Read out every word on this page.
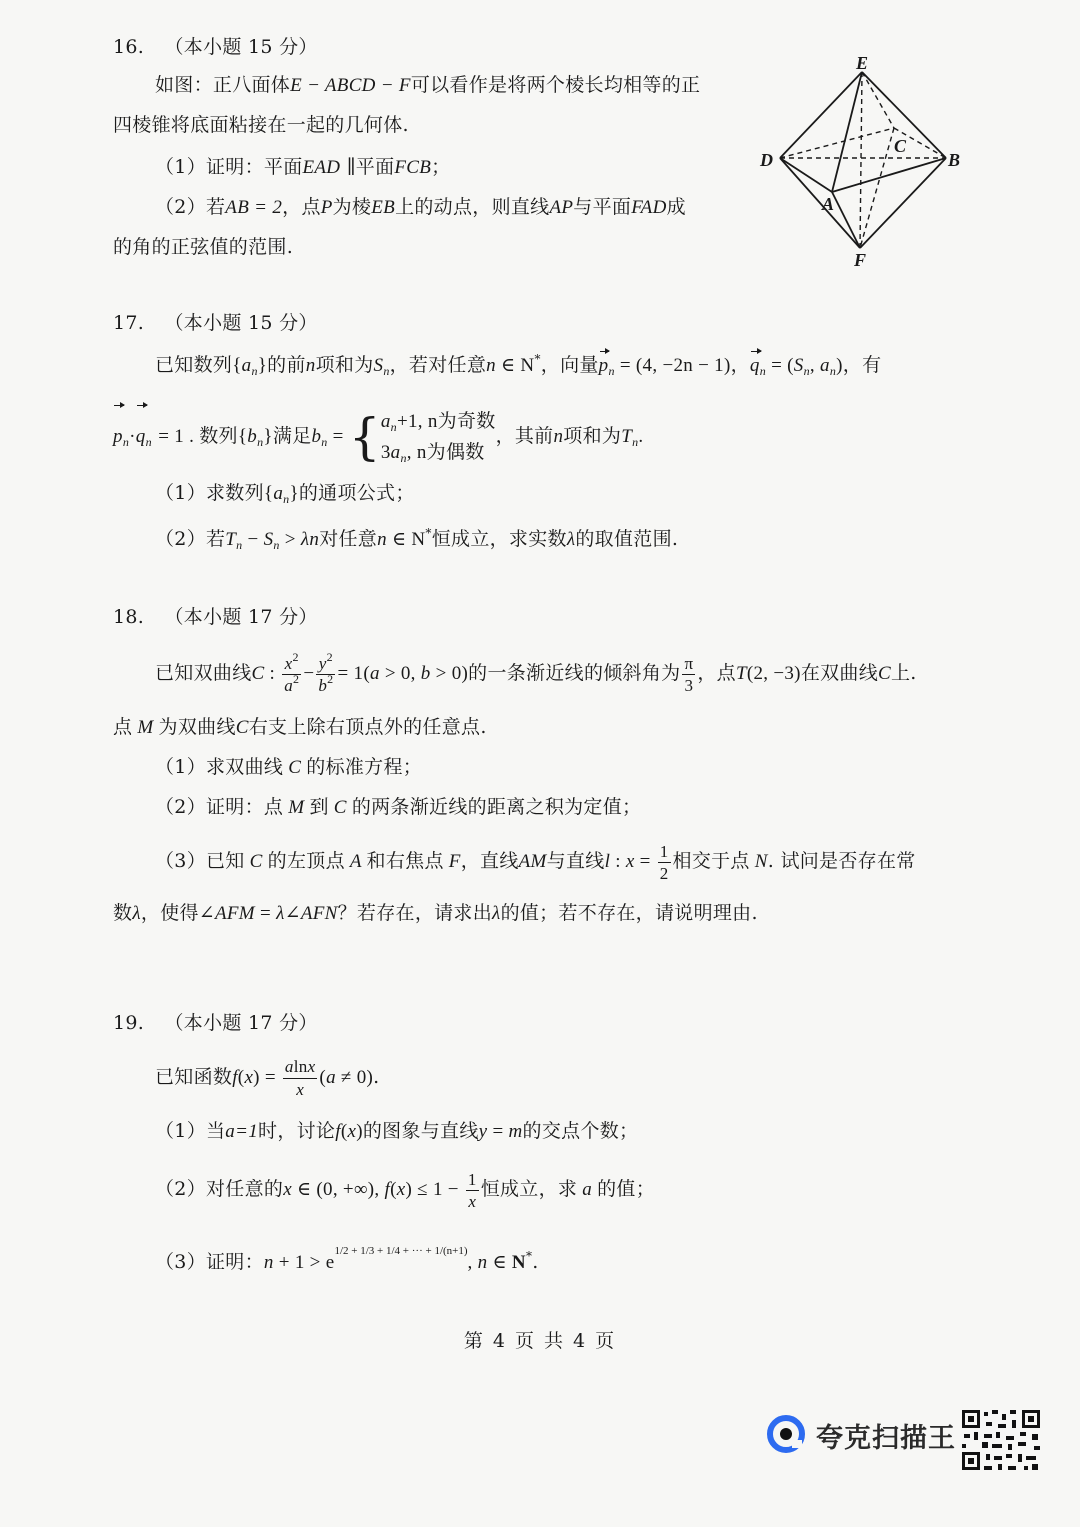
16. （本小题 15 分）
如图：正八面体E − ABCD − F可以看作是将两个棱长均相等的正
四棱锥将底面粘接在一起的几何体.
（1）证明：平面EAD ∥平面FCB；
（2）若AB = 2，点P为棱EB上的动点，则直线AP与平面FAD成
的角的正弦值的范围.
E
D
C
B
A
F
17. （本小题 15 分）
已知数列$\{a_n\}$的前n项和为$S_n$，若对任意n ∈ N*，向量$p_n = (4$, −2n − 1)，$q_n = (S_n$, $a_n$)，有
$p_n\cdot q_n = 1$ . 数列$\{b_n\}$满足$b_n$ = { $a_n+1$, n为奇数
$3a_n$, n为偶数
，其前n项和为$T_n$.
（1）求数列$\{a_n\}$的通项公式；
（2）若$T_n - S_n > \lambda n$对任意n ∈ N*恒成立，求实数λ的取值范围.
18. （本小题 17 分）
已知双曲线C : $\frac{x^2}{a^2} - \frac{y^2}{b^2} = 1(a > 0$, b > 0)的一条渐近线的倾斜角为 $\frac{\pi}{3}$ ，点T(2, −3)在双曲线C上.
点 M 为双曲线C右支上除右顶点外的任意点.
（1）求双曲线 C 的标准方程；
（2）证明：点 M 到 C 的两条渐近线的距离之积为定值；
（3）已知 C 的左顶点 A 和右焦点 F，直线AM与直线l : $x = \frac{1}{2}$ 相交于点 N. 试问是否存在常
数λ，使得∠AFM = λ∠AFN？若存在，请求出λ的值；若不存在，请说明理由.
19. （本小题 17 分）
已知函数$f(x) = \frac{alnx}{x} (a \ne 0)$.
（1）当a=1时，讨论f(x)的图象与直线y = m的交点个数；
（2）对任意的x ∈ (0, +∞), $f(x) \le 1 - \frac{1}{x}$ 恒成立，求 a 的值；
（3）证明：$n + 1 > e^{1/2 + 1/3 + 1/4 + \cdot\cdot\cdot + 1/(n+1)}$, n ∈ N*.
第 4 页 共 4 页
夸克扫描王
